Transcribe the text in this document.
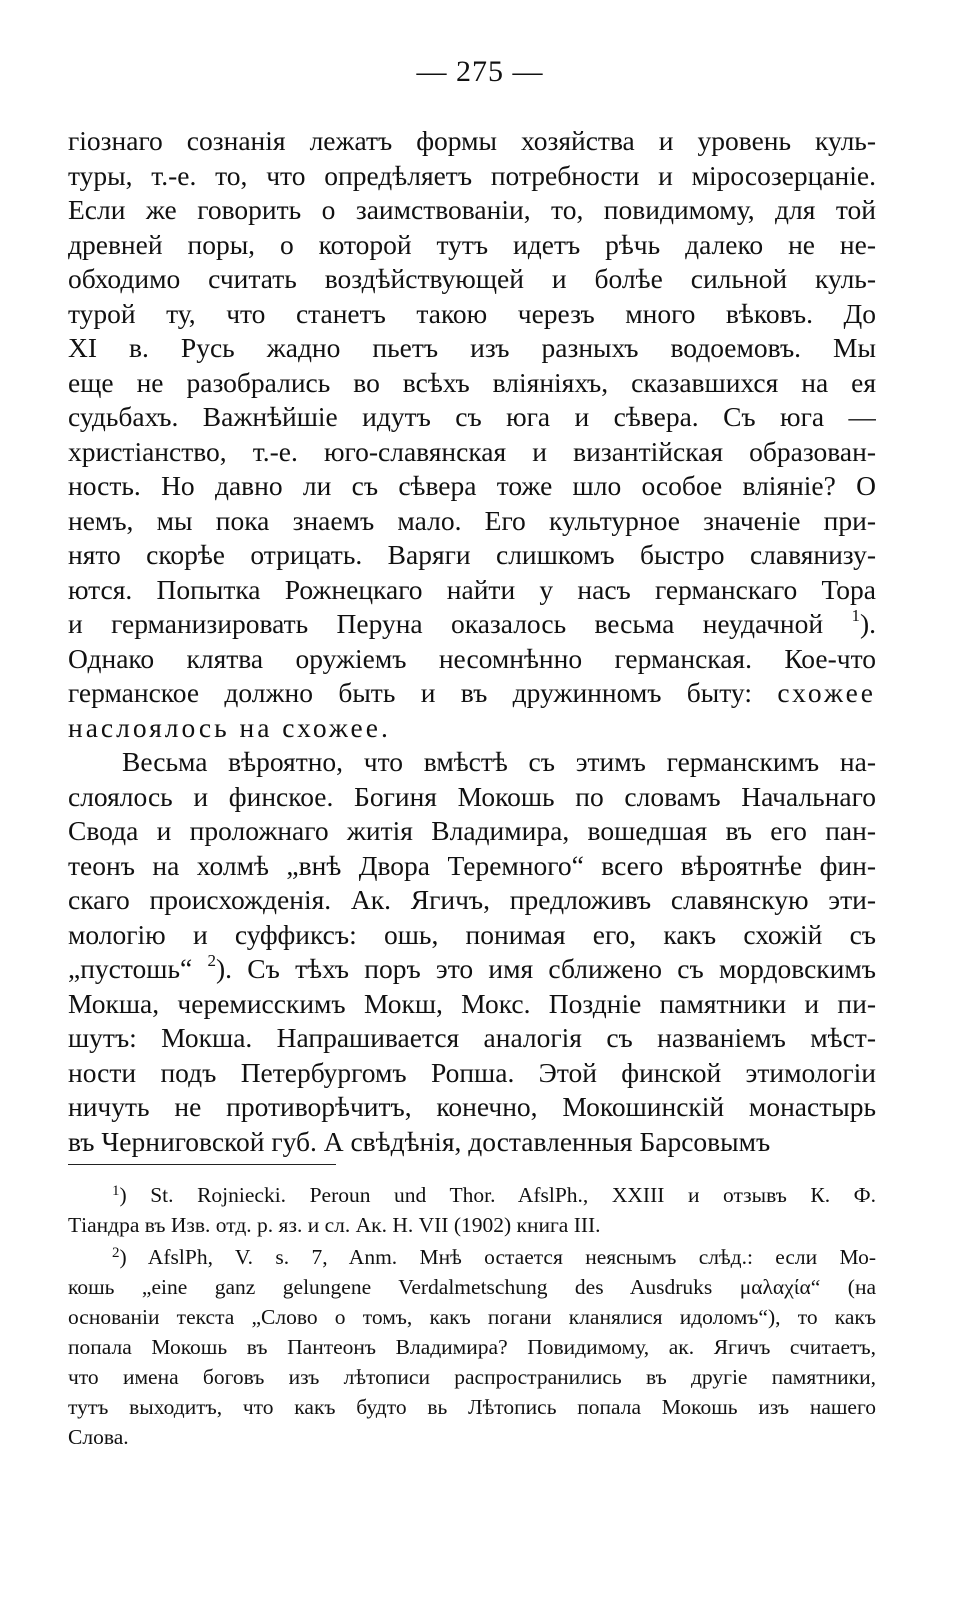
— 275 —
гіознаго сознанія лежатъ формы хозяйства и уровень куль-
туры, т.-е. то, что опредѣляетъ потребности и міросозерцаніе.
Если же говорить о заимствованіи, то, повидимому, для той
древней поры, о которой тутъ идетъ рѣчь далеко не не-
обходимо считать воздѣйствующей и болѣе сильной куль-
турой ту, что станетъ такою черезъ много вѣковъ. До
XI в. Русь жадно пьетъ изъ разныхъ водоемовъ. Мы
еще не разобрались во всѣхъ вліяніяхъ, сказавшихся на ея
судьбахъ. Важнѣйшіе идутъ съ юга и сѣвера. Съ юга —
христіанство, т.-е. юго-славянская и византійская образован-
ность. Но давно ли съ сѣвера тоже шло особое вліяніе? О
немъ, мы пока знаемъ мало. Его культурное значеніе при-
нято скорѣе отрицать. Варяги слишкомъ быстро славянизу-
ются. Попытка Рожнецкаго найти у насъ германскаго Тора
и германизировать Перуна оказалось весьма неудачной $^1$).
Однако клятва оружіемъ несомнѣнно германская. Кое-что
германское должно быть и въ дружинномъ быту: схожее
наслоялось на схожее.
Весьма вѣроятно, что вмѣстѣ съ этимъ германскимъ на-
слоялось и финское. Богиня Мокошь по словамъ Начальнаго
Свода и проложнаго житія Владимира, вошедшая въ его пан-
теонъ на холмѣ „внѣ Двора Теремного“ всего вѣроятнѣе фин-
скаго происхожденія. Ак. Ягичъ, предложивъ славянскую эти-
мологію и суффиксъ: ошь, понимая его, какъ схожій съ
„пустошь“ $^2$). Съ тѣхъ поръ это имя сближено съ мордовскимъ
Мокша, черемисскимъ Мокш, Мокс. Поздніе памятники и пи-
шутъ: Мокша. Напрашивается аналогія съ названіемъ мѣст-
ности подъ Петербургомъ Ропша. Этой финской этимологіи
ничуть не противорѣчитъ, конечно, Мокошинскій монастырь
въ Черниговской губ. А свѣдѣнія, доставленныя Барсовымъ
$^1$) St. Rojniecki. Peroun und Thor. AfslPh., XXIII и отзывъ К. Ф.
Тіандра въ Изв. отд. р. яз. и сл. Ак. Н. VII (1902) книга III.
$^2$) AfslPh, V. s. 7, Anm. Мнѣ остается неяснымъ слѣд.: если Мо-
кошь „eine ganz gelungene Verdalmetschung des Ausdruks μαλαχία“ (на
основаніи текста „Слово о томъ, какъ погани кланялися идоломъ“), то какъ
попала Мокошь въ Пантеонъ Владимира? Повидимому, ак. Ягичъ считаетъ,
что имена боговъ изъ лѣтописи распространились въ другіе памятники,
тутъ выходитъ, что какъ будто вь Лѣтопись попала Мокошь изъ нашего
Слова.
